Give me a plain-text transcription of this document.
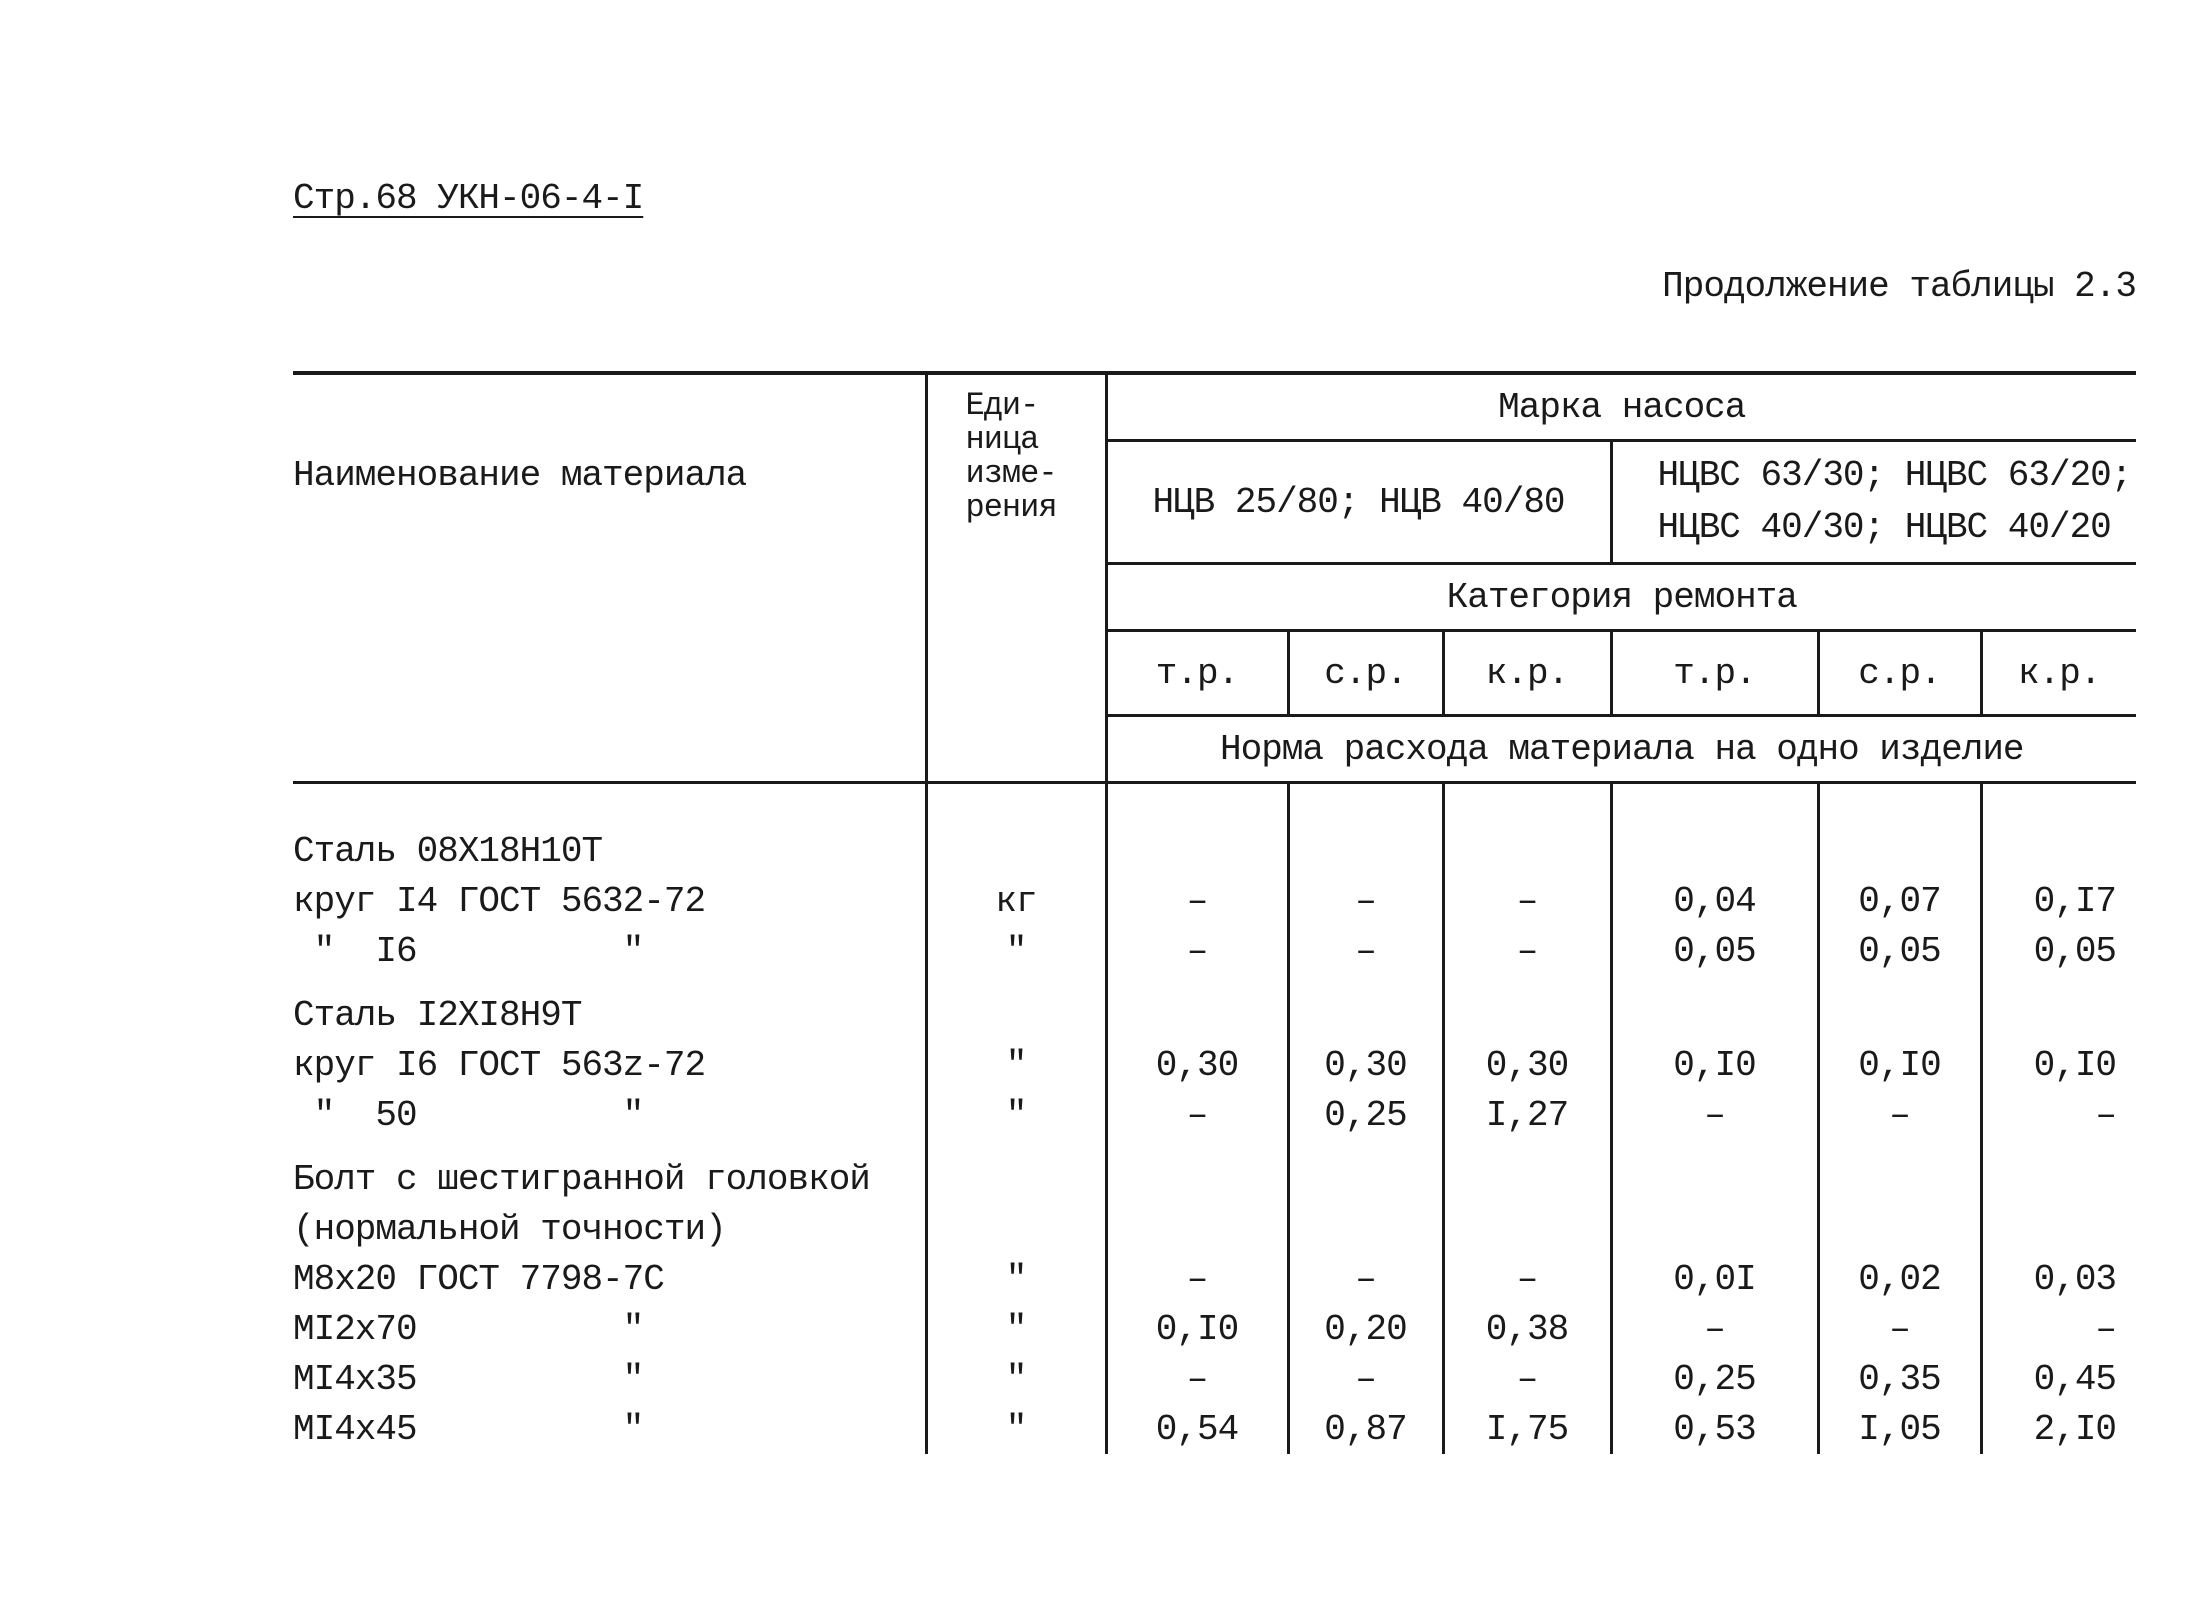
Стр.68 УКН-06-4-I
Продолжение таблицы 2.3
Наименование материала	Еди-
ница
изме-
рения	Марка насоса					
		НЦВ 25/80; НЦВ 40/80			НЦВС 63/30; НЦВС 63/20;
НЦВС 40/30; НЦВС 40/20		

		Категория ремонта					
		т.р.	с.р.	к.р.	т.р.	с.р.	к.р.
		Норма расхода материала на одно изделие					

Сталь 08Х18Н10Т							
круг I4 ГОСТ 5632-72	кг	–	–	–	0,04	0,07	0,I7
"  I6          "	"	–	–	–	0,05	0,05	0,05

Сталь I2ХI8Н9Т							
круг I6 ГОСТ 563z-72	"	0,30	0,30	0,30	0,I0	0,I0	0,I0
"  50          "	"	–	0,25	I,27	–	–	–

Болт с шестигранной головкой							
(нормальной точности)							
М8х20 ГОСТ 7798-7С	"	–	–	–	0,0I	0,02	0,03
МI2х70          "	"	0,I0	0,20	0,38	–	–	–
МI4х35          "	"	–	–	–	0,25	0,35	0,45
МI4х45          "	"	0,54	0,87	I,75	0,53	I,05	2,I0
